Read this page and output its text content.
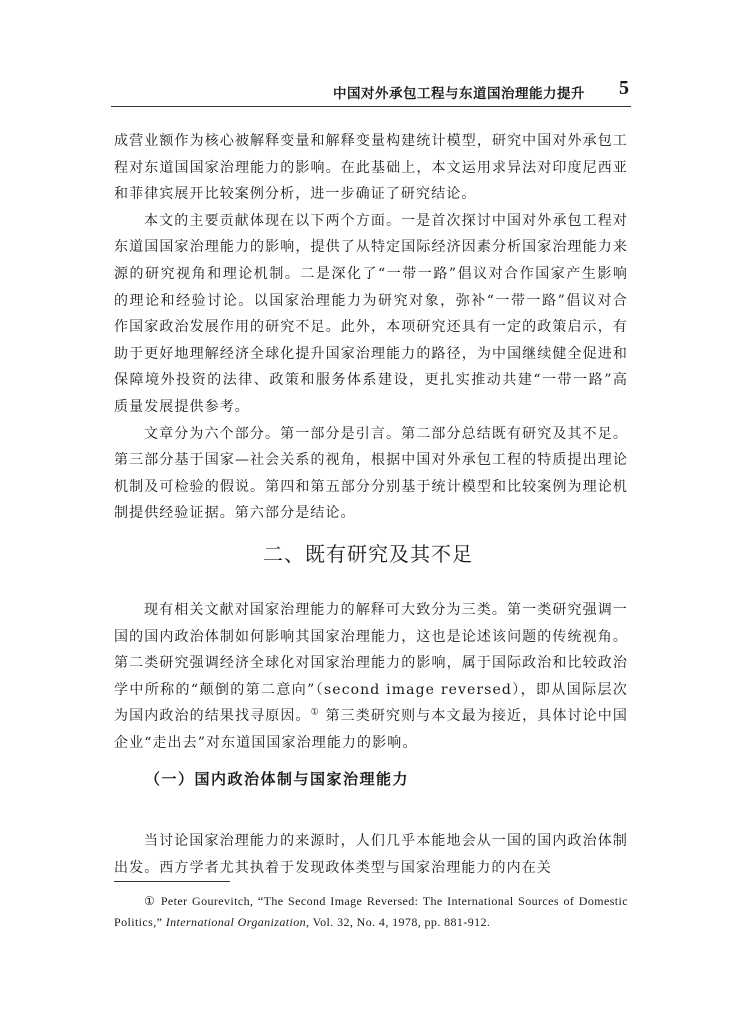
中国对外承包工程与东道国治理能力提升 5

成营业额作为核心被解释变量和解释变量构建统计模型，研究中国对外承包工程对东道国国家治理能力的影响。在此基础上，本文运用求异法对印度尼西亚和菲律宾展开比较案例分析，进一步确证了研究结论。

本文的主要贡献体现在以下两个方面。一是首次探讨中国对外承包工程对东道国国家治理能力的影响，提供了从特定国际经济因素分析国家治理能力来源的研究视角和理论机制。二是深化了“一带一路”倡议对合作国家产生影响的理论和经验讨论。以国家治理能力为研究对象，弥补“一带一路”倡议对合作国家政治发展作用的研究不足。此外，本项研究还具有一定的政策启示，有助于更好地理解经济全球化提升国家治理能力的路径，为中国继续健全促进和保障境外投资的法律、政策和服务体系建设，更扎实推动共建“一带一路”高质量发展提供参考。

文章分为六个部分。第一部分是引言。第二部分总结既有研究及其不足。第三部分基于国家—社会关系的视角，根据中国对外承包工程的特质提出理论机制及可检验的假说。第四和第五部分分别基于统计模型和比较案例为理论机制提供经验证据。第六部分是结论。

二、既有研究及其不足

现有相关文献对国家治理能力的解释可大致分为三类。第一类研究强调一国的国内政治体制如何影响其国家治理能力，这也是论述该问题的传统视角。第二类研究强调经济全球化对国家治理能力的影响，属于国际政治和比较政治学中所称的“颠倒的第二意向”（second image reversed），即从国际层次为国内政治的结果找寻原因。① 第三类研究则与本文最为接近，具体讨论中国企业“走出去”对东道国国家治理能力的影响。

（一）国内政治体制与国家治理能力

当讨论国家治理能力的来源时，人们几乎本能地会从一国的国内政治体制出发。西方学者尤其执着于发现政体类型与国家治理能力的内在关

① Peter Gourevitch, “The Second Image Reversed: The International Sources of Domestic Politics,” International Organization, Vol. 32, No. 4, 1978, pp. 881-912.
